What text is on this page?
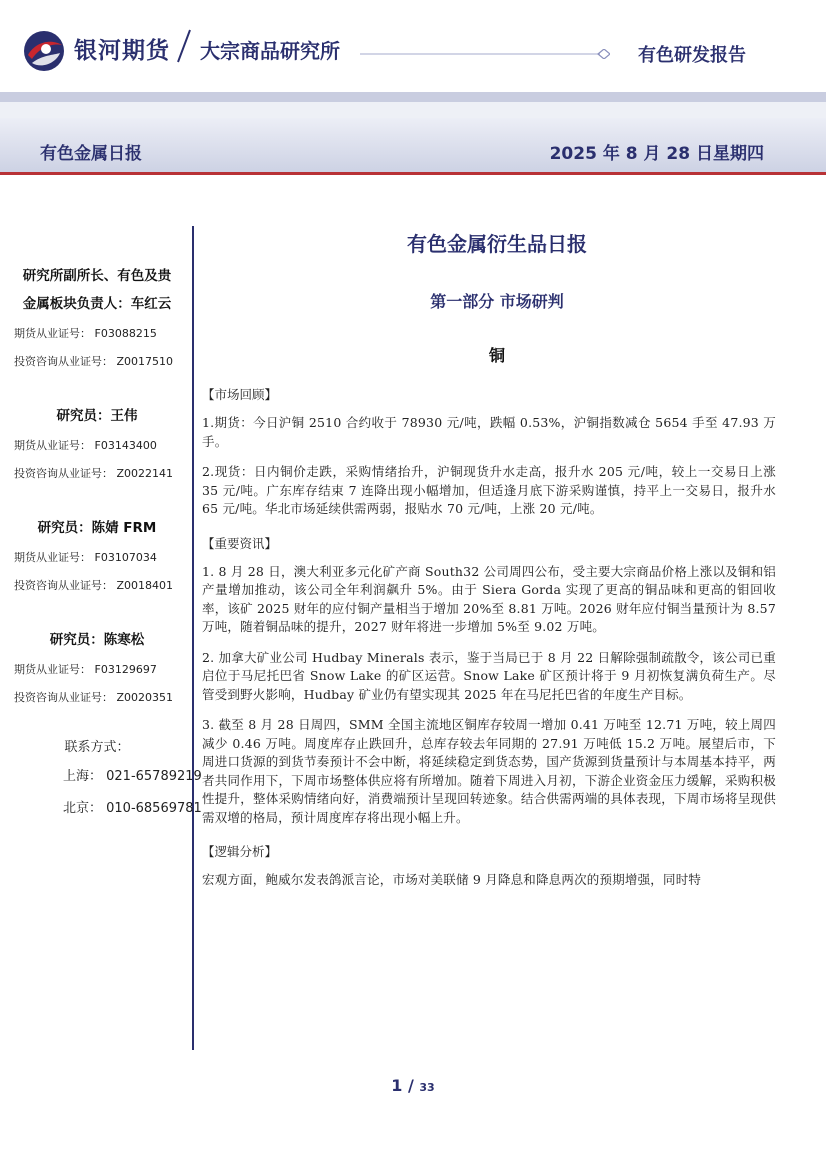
银河期货 大宗商品研究所	有色研发报告
有色金属日报	2025 年 8 月 28 日星期四
研究所副所长、有色及贵
金属板块负责人：车红云
期货从业证号： F03088215
投资咨询从业证号： Z0017510
研究员：王伟
期货从业证号： F03143400
投资咨询从业证号： Z0022141
研究员：陈婧 FRM
期货从业证号： F03107034
投资咨询从业证号： Z0018401
研究员：陈寒松
期货从业证号： F03129697
投资咨询从业证号： Z0020351
联系方式：
上海： 021-65789219
北京： 010-68569781
有色金属衍生品日报
第一部分 市场研判
铜
【市场回顾】
1.期货：今日沪铜 2510 合约收于 78930 元/吨，跌幅 0.53%，沪铜指数减仓 5654 手至 47.93 万手。
2.现货：日内铜价走跌，采购情绪抬升，沪铜现货升水走高，报升水 205 元/吨，较上一交易日上涨 35 元/吨。广东库存结束 7 连降出现小幅增加，但适逢月底下游采购谨慎，持平上一交易日，报升水 65 元/吨。华北市场延续供需两弱，报贴水 70 元/吨，上涨 20 元/吨。
【重要资讯】
1. 8 月 28 日，澳大利亚多元化矿产商 South32 公司周四公布，受主要大宗商品价格上涨以及铜和铝产量增加推动，该公司全年利润飙升 5%。由于 Siera Gorda 实现了更高的铜品味和更高的钼回收率，该矿 2025 财年的应付铜产量相当于增加 20%至 8.81 万吨。2026 财年应付铜当量预计为 8.57 万吨，随着铜品味的提升，2027 财年将进一步增加 5%至 9.02 万吨。
2. 加拿大矿业公司 Hudbay Minerals 表示，鉴于当局已于 8 月 22 日解除强制疏散令，该公司已重启位于马尼托巴省 Snow Lake 的矿区运营。Snow Lake 矿区预计将于 9 月初恢复满负荷生产。尽管受到野火影响，Hudbay 矿业仍有望实现其 2025 年在马尼托巴省的年度生产目标。
3. 截至 8 月 28 日周四，SMM 全国主流地区铜库存较周一增加 0.41 万吨至 12.71 万吨，较上周四减少 0.46 万吨。周度库存止跌回升，总库存较去年同期的 27.91 万吨低 15.2 万吨。展望后市，下周进口货源的到货节奏预计不会中断，将延续稳定到货态势，国产货源到货量预计与本周基本持平，两者共同作用下，下周市场整体供应将有所增加。随着下周进入月初，下游企业资金压力缓解，采购积极性提升，整体采购情绪向好，消费端预计呈现回转迹象。结合供需两端的具体表现，下周市场将呈现供需双增的格局，预计周度库存将出现小幅上升。
【逻辑分析】
宏观方面，鲍威尔发表鸽派言论，市场对美联储 9 月降息和降息两次的预期增强，同时特
1 / 33
